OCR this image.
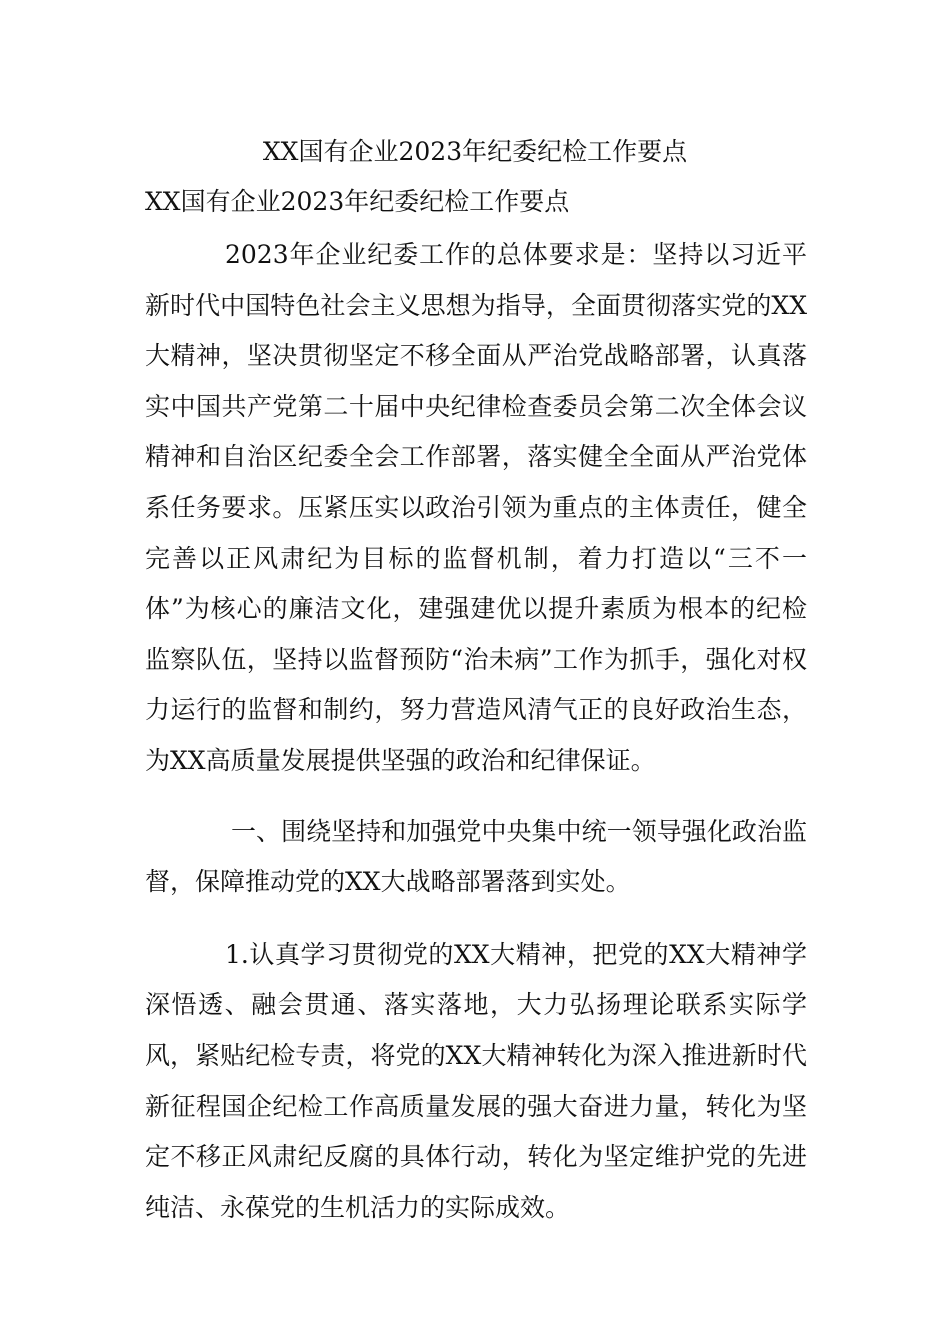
XX国有企业2023年纪委纪检工作要点
XX国有企业2023年纪委纪检工作要点

2023年企业纪委工作的总体要求是：坚持以习近平新时代中国特色社会主义思想为指导，全面贯彻落实党的XX大精神，坚决贯彻坚定不移全面从严治党战略部署，认真落实中国共产党第二十届中央纪律检查委员会第二次全体会议精神和自治区纪委全会工作部署，落实健全全面从严治党体系任务要求。压紧压实以政治引领为重点的主体责任，健全完善以正风肃纪为目标的监督机制，着力打造以“三不一体”为核心的廉洁文化，建强建优以提升素质为根本的纪检监察队伍，坚持以监督预防“治未病”工作为抓手，强化对权力运行的监督和制约，努力营造风清气正的良好政治生态，为XX高质量发展提供坚强的政治和纪律保证。

一、围绕坚持和加强党中央集中统一领导强化政治监督，保障推动党的XX大战略部署落到实处。

1.认真学习贯彻党的XX大精神，把党的XX大精神学深悟透、融会贯通、落实落地，大力弘扬理论联系实际学风，紧贴纪检专责，将党的XX大精神转化为深入推进新时代新征程国企纪检工作高质量发展的强大奋进力量，转化为坚定不移正风肃纪反腐的具体行动，转化为坚定维护党的先进纯洁、永葆党的生机活力的实际成效。
